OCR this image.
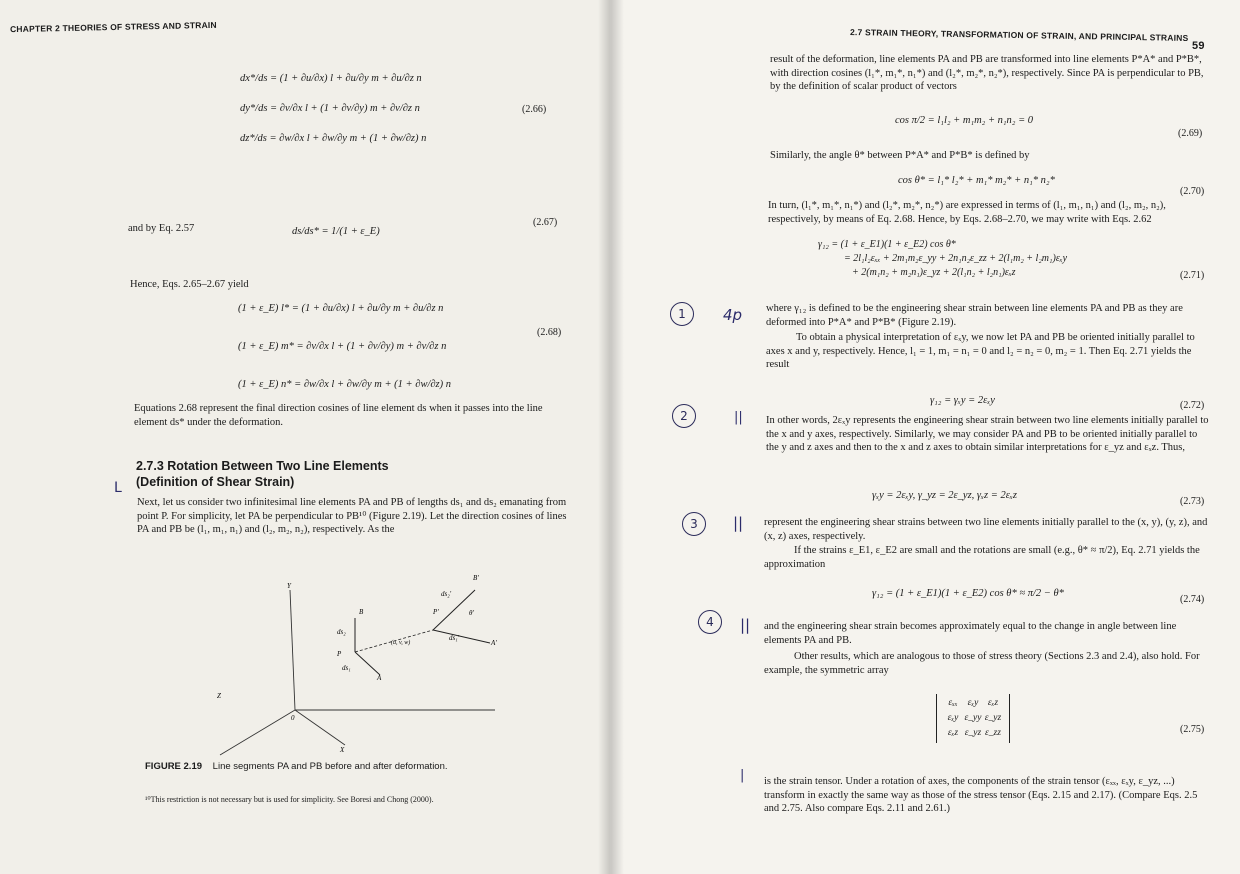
CHAPTER 2 THEORIES OF STRESS AND STRAIN
dx*/ds = (1 + ∂u/∂x) l + ∂u/∂y m + ∂u/∂z n
dy*/ds = ∂v/∂x l + (1 + ∂v/∂y) m + ∂v/∂z n
dz*/ds = ∂w/∂x l + ∂w/∂y m + (1 + ∂w/∂z) n
(2.66)
and by Eq. 2.57	ds/ds* = 1/(1 + ε_E)
(2.67)
Hence, Eqs. 2.65–2.67 yield
(1 + ε_E) l* = (1 + ∂u/∂x) l + ∂u/∂y m + ∂u/∂z n
(1 + ε_E) m* = ∂v/∂x l + (1 + ∂v/∂y) m + ∂v/∂z n
(1 + ε_E) n* = ∂w/∂x l + ∂w/∂y m + (1 + ∂w/∂z) n
(2.68)
Equations 2.68 represent the final direction cosines of line element ds when it passes into the line element ds* under the deformation.
2.7.3 Rotation Between Two Line Elements
(Definition of Shear Strain)
L
Next, let us consider two infinitesimal line elements PA and PB of lengths ds₁ and ds₂ emanating from point P. For simplicity, let PA be perpendicular to PB¹⁰ (Figure 2.19). Let the direction cosines of lines PA and PB be (l₁, m₁, n₁) and (l₂, m₂, n₂), respectively. As the
Y
X
Z
0
B
A
P
ds₂
ds₁
(u, v, w)
P'
B'
A'
θ'
ds₁'
ds₂'
FIGURE 2.19 Line segments PA and PB before and after deformation.
¹⁰This restriction is not necessary but is used for simplicity. See Boresi and Chong (2000).
2.7 STRAIN THEORY, TRANSFORMATION OF STRAIN, AND PRINCIPAL STRAINS
59
result of the deformation, line elements PA and PB are transformed into line elements P*A* and P*B*, with direction cosines (l₁*, m₁*, n₁*) and (l₂*, m₂*, n₂*), respectively. Since PA is perpendicular to PB, by the definition of scalar product of vectors
cos π/2 = l₁l₂ + m₁m₂ + n₁n₂ = 0
(2.69)
Similarly, the angle θ* between P*A* and P*B* is defined by
cos θ* = l₁* l₂* + m₁* m₂* + n₁* n₂*
(2.70)
In turn, (l₁*, m₁*, n₁*) and (l₂*, m₂*, n₂*) are expressed in terms of (l₁, m₁, n₁) and (l₂, m₂, n₂), respectively, by means of Eq. 2.68. Hence, by Eqs. 2.68–2.70, we may write with Eqs. 2.62
γ₁₂ = (1 + ε_E1)(1 + ε_E2) cos θ*
= 2l₁l₂εₓₓ + 2m₁m₂ε_yy + 2n₁n₂ε_zz + 2(l₁m₂ + l₂m₁)εₓy
+ 2(m₁n₂ + m₂n₁)ε_yz + 2(l₁n₂ + l₂n₁)εₓz	(2.71)
where γ₁₂ is defined to be the engineering shear strain between line elements PA and PB as they are deformed into P*A* and P*B* (Figure 2.19).
To obtain a physical interpretation of εₓy, we now let PA and PB be oriented initially parallel to axes x and y, respectively. Hence, l₁ = 1, m₁ = n₁ = 0 and l₂ = n₂ = 0, m₂ = 1. Then Eq. 2.71 yields the result
γ₁₂ = γₓy = 2εₓy	(2.72)
In other words, 2εₓy represents the engineering shear strain between two line elements initially parallel to the x and y axes, respectively. Similarly, we may consider PA and PB to be oriented initially parallel to the y and z axes and then to the x and z axes to obtain similar interpretations for ε_yz and εₓz. Thus,
γₓy = 2εₓy, γ_yz = 2ε_yz, γₓz = 2εₓz
(2.73)
represent the engineering shear strains between two line elements initially parallel to the (x, y), (y, z), and (x, z) axes, respectively.
If the strains ε_E1, ε_E2 are small and the rotations are small (e.g., θ* ≈ π/2), Eq. 2.71 yields the approximation
γ₁₂ = (1 + ε_E1)(1 + ε_E2) cos θ* ≈ π/2 − θ*
(2.74)
and the engineering shear strain becomes approximately equal to the change in angle between line elements PA and PB.
Other results, which are analogous to those of stress theory (Sections 2.3 and 2.4), also hold. For example, the symmetric array
εₓₓ εₓy εₓz
εₓy ε_yy ε_yz
εₓz ε_yz ε_zz	(2.75)
is the strain tensor. Under a rotation of axes, the components of the strain tensor (εₓₓ, εₓy, ε_yz, ...) transform in exactly the same way as those of the stress tensor (Eqs. 2.15 and 2.17). (Compare Eqs. 2.5 and 2.75. Also compare Eqs. 2.11 and 2.61.)
1	4p
2	||
3	||
4	||
|
